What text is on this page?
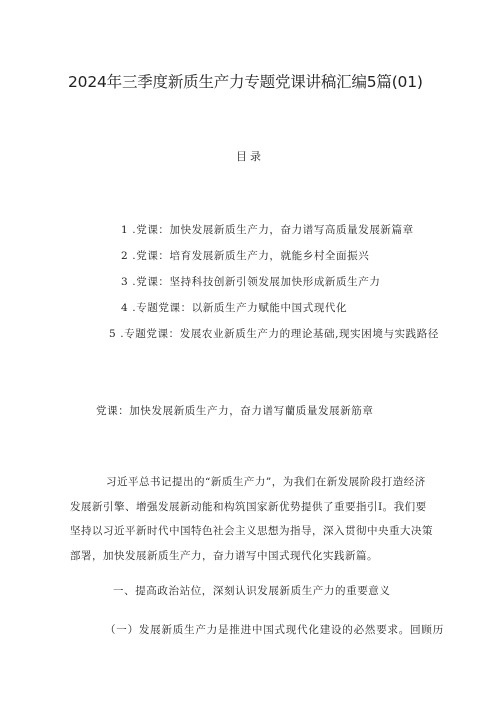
2024年三季度新质生产力专题党课讲稿汇编5篇(01)
目录
1 .党课：加快发展新质生产力，奋力谱写高质量发展新篇章
2 .党课：培育发展新质生产力，就能乡村全面振兴
3 .党课：坚持科技创新引领发展加快形成新质生产力
4 .专题党课：以新质生产力赋能中国式现代化
5 .专题党课：发展农业新质生产力的理论基础,现实困境与实践路径
党课：加快发展新质生产力，奋力谱写藺质量发展新筋章
习近平总书记提出的“新质生产力”，为我们在新发展阶段打造经济
发展新引擎、增强发展新动能和构筑国家新优势提供了重要指引I。我们要
坚持以习近平新时代中国特色社会主义思想为指导，深入贯彻中央重大决策
部署，加快发展新质生产力，奋力谱写中国式现代化实践新篇。
一、提高政治站位，深刻认识发展新质生产力的重要意义
（一）发展新质生产力是推进中国式现代化建设的必然要求。回顾历
